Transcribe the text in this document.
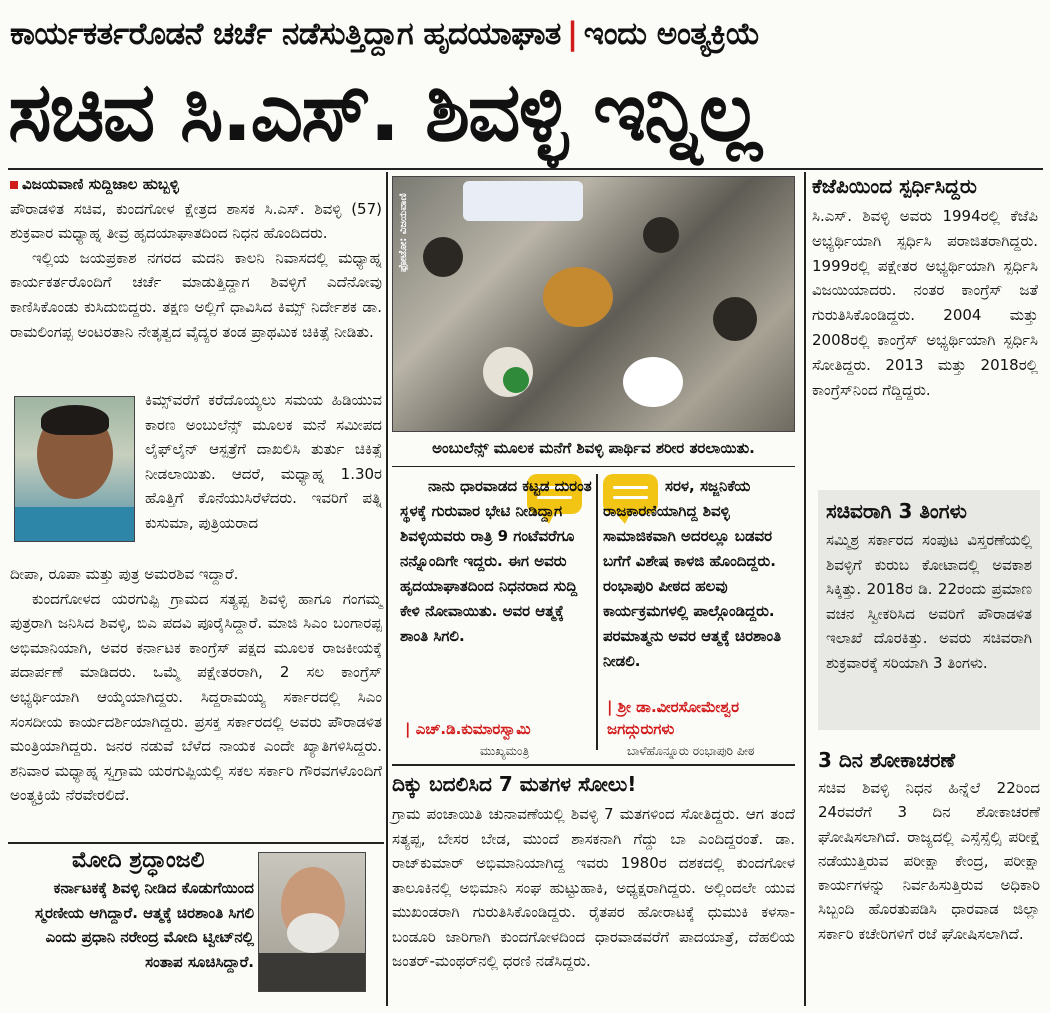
ಕಾರ್ಯಕರ್ತರೊಡನೆ ಚರ್ಚೆ ನಡೆಸುತ್ತಿದ್ದಾಗ ಹೃದಯಾಘಾತ | ಇಂದು ಅಂತ್ಯಕ್ರಿಯೆ
ಸಚಿವ ಸಿ.ಎಸ್. ಶಿವಳ್ಳಿ ಇನ್ನಿಲ್ಲ
ವಿಜಯವಾಣಿ ಸುದ್ದಿಜಾಲ ಹುಬ್ಬಳ್ಳಿ

ಪೌರಾಡಳಿತ ಸಚಿವ, ಕುಂದಗೋಳ ಕ್ಷೇತ್ರದ ಶಾಸಕ ಸಿ.ಎಸ್. ಶಿವಳ್ಳಿ (57) ಶುಕ್ರವಾರ ಮಧ್ಯಾಹ್ನ ತೀವ್ರ ಹೃದಯಾಘಾತದಿಂದ ನಿಧನ ಹೊಂದಿದರು.

ಇಲ್ಲಿಯ ಜಯಪ್ರಕಾಶ ನಗರದ ಮದನಿ ಕಾಲನಿ ನಿವಾಸದಲ್ಲಿ ಮಧ್ಯಾಹ್ನ ಕಾರ್ಯಕರ್ತರೊಂದಿಗೆ ಚರ್ಚೆ ಮಾಡುತ್ತಿದ್ದಾಗ ಶಿವಳ್ಳಿಗೆ ಎದೆನೋವು ಕಾಣಿಸಿಕೊಂಡು ಕುಸಿದುಬಿದ್ದರು. ತಕ್ಷಣ ಅಲ್ಲಿಗೆ ಧಾವಿಸಿದ ಕಿಮ್ಸ್ ನಿರ್ದೇಶಕ ಡಾ. ರಾಮಲಿಂಗಪ್ಪ ಅಂಟರತಾನಿ ನೇತೃತ್ವದ ವೈದ್ಯರ ತಂಡ ಪ್ರಾಥಮಿಕ ಚಿಕಿತ್ಸೆ ನೀಡಿತು.

ಕಿಮ್ಸ್‌ವರೆಗೆ ಕರೆದೊಯ್ಯಲು ಸಮಯ ಹಿಡಿಯುವ ಕಾರಣ ಅಂಬುಲೆನ್ಸ್ ಮೂಲಕ ಮನೆ ಸಮೀಪದ ಲೈಫ್‌ಲೈನ್ ಆಸ್ಪತ್ರೆಗೆ ದಾಖಲಿಸಿ ತುರ್ತು ಚಿಕಿತ್ಸೆ ನೀಡಲಾಯಿತು. ಆದರೆ, ಮಧ್ಯಾಹ್ನ 1.30ರ ಹೊತ್ತಿಗೆ ಕೊನೆಯುಸಿರೆಳೆದರು. ಇವರಿಗೆ ಪತ್ನಿ ಕುಸುಮಾ, ಪುತ್ರಿಯರಾದ

ದೀಪಾ, ರೂಪಾ ಮತ್ತು ಪುತ್ರ ಅಮರಶಿವ ಇದ್ದಾರೆ.

ಕುಂದಗೋಳದ ಯರಗುಪ್ಪಿ ಗ್ರಾಮದ ಸತ್ಯಪ್ಪ ಶಿವಳ್ಳಿ ಹಾಗೂ ಗಂಗಮ್ಮ ಪುತ್ರರಾಗಿ ಜನಿಸಿದ ಶಿವಳ್ಳಿ, ಬಿಎ ಪದವಿ ಪೂರೈಸಿದ್ದಾರೆ. ಮಾಜಿ ಸಿಎಂ ಬಂಗಾರಪ್ಪ ಅಭಿಮಾನಿಯಾಗಿ, ಅವರ ಕರ್ನಾಟಕ ಕಾಂಗ್ರೆಸ್ ಪಕ್ಷದ ಮೂಲಕ ರಾಜಕೀಯಕ್ಕೆ ಪದಾರ್ಪಣೆ ಮಾಡಿದರು. ಒಮ್ಮೆ ಪಕ್ಷೇತರರಾಗಿ, 2 ಸಲ ಕಾಂಗ್ರೆಸ್ ಅಭ್ಯರ್ಥಿಯಾಗಿ ಆಯ್ಕೆಯಾಗಿದ್ದರು. ಸಿದ್ದರಾಮಯ್ಯ ಸರ್ಕಾರದಲ್ಲಿ ಸಿಎಂ ಸಂಸದೀಯ ಕಾರ್ಯದರ್ಶಿಯಾಗಿದ್ದರು. ಪ್ರಸಕ್ತ ಸರ್ಕಾರದಲ್ಲಿ ಅವರು ಪೌರಾಡಳಿತ ಮಂತ್ರಿಯಾಗಿದ್ದರು. ಜನರ ನಡುವೆ ಬೆಳೆದ ನಾಯಕ ಎಂದೇ ಖ್ಯಾತಿಗಳಿಸಿದ್ದರು. ಶನಿವಾರ ಮಧ್ಯಾಹ್ನ ಸ್ವಗ್ರಾಮ ಯರಗುಪ್ಪಿಯಲ್ಲಿ ಸಕಲ ಸರ್ಕಾರಿ ಗೌರವಗಳೊಂದಿಗೆ ಅಂತ್ಯಕ್ರಿಯೆ ನೆರವೇರಲಿದೆ.

ಮೋದಿ ಶ್ರದ್ಧಾಂಜಲಿ
ಕರ್ನಾಟಕಕ್ಕೆ ಶಿವಳ್ಳಿ ನೀಡಿದ ಕೊಡುಗೆಯಿಂದ ಸ್ಮರಣೀಯ ಆಗಿದ್ದಾರೆ. ಆತ್ಮಕ್ಕೆ ಚಿರಶಾಂತಿ ಸಿಗಲಿ ಎಂದು ಪ್ರಧಾನಿ ನರೇಂದ್ರ ಮೋದಿ ಟ್ವೀಟ್‌ನಲ್ಲಿ ಸಂತಾಪ ಸೂಚಿಸಿದ್ದಾರೆ.
ಫೋಟೋ: ವಿಜಯವಾಣಿ
ಅಂಬುಲೆನ್ಸ್ ಮೂಲಕ ಮನೆಗೆ ಶಿವಳ್ಳಿ ಪಾರ್ಥಿವ ಶರೀರ ತರಲಾಯಿತು.
ನಾನು ಧಾರವಾಡದ ಕಟ್ಟಡ ದುರಂತ ಸ್ಥಳಕ್ಕೆ ಗುರುವಾರ ಭೇಟಿ ನೀಡಿದ್ದಾಗ ಶಿವಳ್ಳಿಯವರು ರಾತ್ರಿ 9 ಗಂಟೆವರೆಗೂ ನನ್ನೊಂದಿಗೇ ಇದ್ದರು. ಈಗ ಅವರು ಹೃದಯಾಘಾತದಿಂದ ನಿಧನರಾದ ಸುದ್ದಿ ಕೇಳಿ ನೋವಾಯಿತು. ಅವರ ಆತ್ಮಕ್ಕೆ ಶಾಂತಿ ಸಿಗಲಿ.
| ಎಚ್.ಡಿ.ಕುಮಾರಸ್ವಾಮಿ
ಮುಖ್ಯಮಂತ್ರಿ
ಸರಳ, ಸಜ್ಜನಿಕೆಯ ರಾಜಕಾರಣಿಯಾಗಿದ್ದ ಶಿವಳ್ಳಿ ಸಾಮಾಜಿಕವಾಗಿ ಅದರಲ್ಲೂ ಬಡವರ ಬಗೆಗೆ ವಿಶೇಷ ಕಾಳಜಿ ಹೊಂದಿದ್ದರು. ರಂಭಾಪುರಿ ಪೀಠದ ಹಲವು ಕಾರ್ಯಕ್ರಮಗಳಲ್ಲಿ ಪಾಲ್ಗೊಂಡಿದ್ದರು. ಪರಮಾತ್ಮನು ಅವರ ಆತ್ಮಕ್ಕೆ ಚಿರಶಾಂತಿ ನೀಡಲಿ.
| ಶ್ರೀ ಡಾ.ವೀರಸೋಮೇಶ್ವರ ಜಗದ್ಗುರುಗಳು
ಬಾಳೆಹೊನ್ನೂರು ರಂಭಾಪುರಿ ಪೀಠ
ದಿಕ್ಕು ಬದಲಿಸಿದ 7 ಮತಗಳ ಸೋಲು!
ಗ್ರಾಮ ಪಂಚಾಯಿತಿ ಚುನಾವಣೆಯಲ್ಲಿ ಶಿವಳ್ಳಿ 7 ಮತಗಳಿಂದ ಸೋತಿದ್ದರು. ಆಗ ತಂದೆ ಸತ್ಯಪ್ಪ, ಬೇಸರ ಬೇಡ, ಮುಂದೆ ಶಾಸಕನಾಗಿ ಗೆದ್ದು ಬಾ ಎಂದಿದ್ದರಂತೆ. ಡಾ. ರಾಜ್‌ಕುಮಾರ್ ಅಭಿಮಾನಿಯಾಗಿದ್ದ ಇವರು 1980ರ ದಶಕದಲ್ಲಿ ಕುಂದಗೋಳ ತಾಲೂಕಿನಲ್ಲಿ ಅಭಿಮಾನಿ ಸಂಘ ಹುಟ್ಟುಹಾಕಿ, ಅಧ್ಯಕ್ಷರಾಗಿದ್ದರು. ಅಲ್ಲಿಂದಲೇ ಯುವ ಮುಖಂಡರಾಗಿ ಗುರುತಿಸಿಕೊಂಡಿದ್ದರು. ರೈತಪರ ಹೋರಾಟಕ್ಕೆ ಧುಮುಕಿ ಕಳಸಾ-ಬಂಡೂರಿ ಜಾರಿಗಾಗಿ ಕುಂದಗೋಳದಿಂದ ಧಾರವಾಡವರೆಗೆ ಪಾದಯಾತ್ರೆ, ದೆಹಲಿಯ ಜಂತರ್-ಮಂಥರ್‌ನಲ್ಲಿ ಧರಣಿ ನಡೆಸಿದ್ದರು.
ಕೆಜೆಪಿಯಿಂದ ಸ್ಪರ್ಧಿಸಿದ್ದರು
ಸಿ.ಎಸ್. ಶಿವಳ್ಳಿ ಅವರು 1994ರಲ್ಲಿ ಕೆಜೆಪಿ ಅಭ್ಯರ್ಥಿಯಾಗಿ ಸ್ಪರ್ಧಿಸಿ ಪರಾಜಿತರಾಗಿದ್ದರು. 1999ರಲ್ಲಿ ಪಕ್ಷೇತರ ಅಭ್ಯರ್ಥಿಯಾಗಿ ಸ್ಪರ್ಧಿಸಿ ವಿಜಯಿಯಾದರು. ನಂತರ ಕಾಂಗ್ರೆಸ್ ಜತೆ ಗುರುತಿಸಿಕೊಂಡಿದ್ದರು. 2004 ಮತ್ತು 2008ರಲ್ಲಿ ಕಾಂಗ್ರೆಸ್ ಅಭ್ಯರ್ಥಿಯಾಗಿ ಸ್ಪರ್ಧಿಸಿ ಸೋತಿದ್ದರು. 2013 ಮತ್ತು 2018ರಲ್ಲಿ ಕಾಂಗ್ರೆಸ್‌ನಿಂದ ಗೆದ್ದಿದ್ದರು.
ಸಚಿವರಾಗಿ 3 ತಿಂಗಳು
ಸಮ್ಮಿಶ್ರ ಸರ್ಕಾರದ ಸಂಪುಟ ವಿಸ್ತರಣೆಯಲ್ಲಿ ಶಿವಳ್ಳಿಗೆ ಕುರುಬ ಕೋಟಾದಲ್ಲಿ ಅವಕಾಶ ಸಿಕ್ಕಿತ್ತು. 2018ರ ಡಿ. 22ರಂದು ಪ್ರಮಾಣ ವಚನ ಸ್ವೀಕರಿಸಿದ ಅವರಿಗೆ ಪೌರಾಡಳಿತ ಇಲಾಖೆ ದೊರಕಿತ್ತು. ಅವರು ಸಚಿವರಾಗಿ ಶುಕ್ರವಾರಕ್ಕೆ ಸರಿಯಾಗಿ 3 ತಿಂಗಳು.
3 ದಿನ ಶೋಕಾಚರಣೆ
ಸಚಿವ ಶಿವಳ್ಳಿ ನಿಧನ ಹಿನ್ನೆಲೆ 22ರಿಂದ 24ರವರೆಗೆ 3 ದಿನ ಶೋಕಾಚರಣೆ ಘೋಷಿಸಲಾಗಿದೆ. ರಾಜ್ಯದಲ್ಲಿ ಎಸ್ಸೆಸ್ಸೆಲ್ಸಿ ಪರೀಕ್ಷೆ ನಡೆಯುತ್ತಿರುವ ಪರೀಕ್ಷಾ ಕೇಂದ್ರ, ಪರೀಕ್ಷಾ ಕಾರ್ಯಗಳನ್ನು ನಿರ್ವಹಿಸುತ್ತಿರುವ ಅಧಿಕಾರಿ ಸಿಬ್ಬಂದಿ ಹೊರತುಪಡಿಸಿ ಧಾರವಾಡ ಜಿಲ್ಲಾ ಸರ್ಕಾರಿ ಕಚೇರಿಗಳಿಗೆ ರಜೆ ಘೋಷಿಸಲಾಗಿದೆ.
